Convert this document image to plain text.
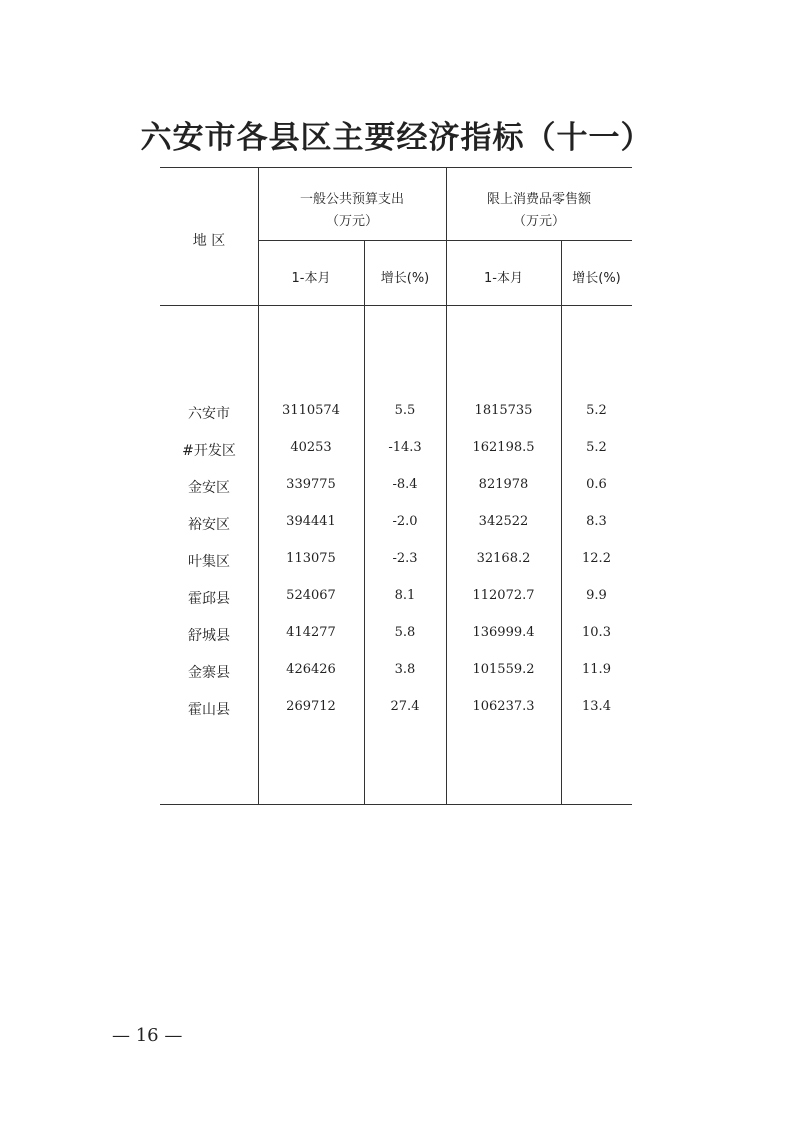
六安市各县区主要经济指标（十一）
地 区
一般公共预算支出
（万元）
限上消费品零售额
（万元）
1-本月	增长(%)	1-本月	增长(%)
六安市	3110574	5.5	1815735	5.2
#开发区	40253	-14.3	162198.5	5.2
金安区	339775	-8.4	821978	0.6
裕安区	394441	-2.0	342522	8.3
叶集区	113075	-2.3	32168.2	12.2
霍邱县	524067	8.1	112072.7	9.9
舒城县	414277	5.8	136999.4	10.3
金寨县	426426	3.8	101559.2	11.9
霍山县	269712	27.4	106237.3	13.4
— 16 —
